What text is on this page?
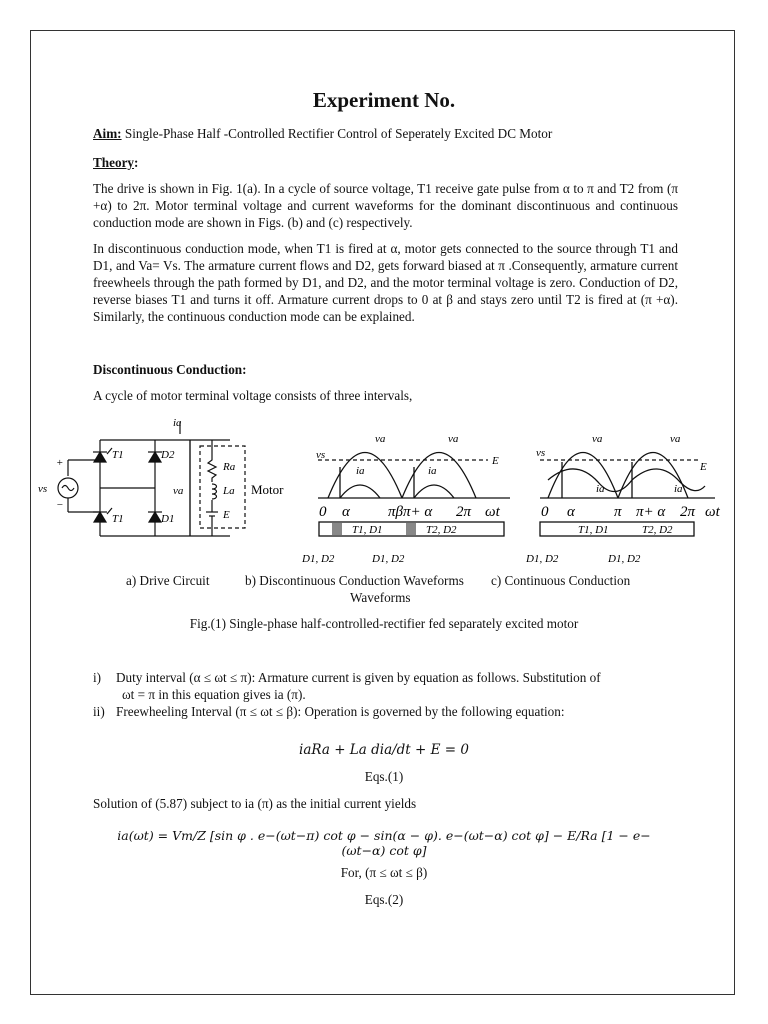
Experiment No.
Aim: Single-Phase Half -Controlled Rectifier Control of Seperately Excited DC Motor
Theory:
The drive is shown in Fig. 1(a). In a cycle of source voltage, T1 receive gate pulse from α to π and T2 from (π +α) to 2π. Motor terminal voltage and current waveforms for the dominant discontinuous and continuous conduction mode are shown in Figs. (b) and (c) respectively.
In discontinuous conduction mode, when T1 is fired at α, motor gets connected to the source through T1 and D1, and Va= Vs. The armature current flows and D2, gets forward biased at π .Consequently, armature current freewheels through the path formed by D1, and D2, and the motor terminal voltage is zero. Conduction of D2, reverse biases T1 and turns it off. Armature current drops to 0 at β and stays zero until T2 is fired at (π +α). Similarly, the continuous conduction mode can be explained.
Discontinuous Conduction:
A cycle of motor terminal voltage consists of three intervals,
ia
T1	D2
T1	D1
Ra
La
E
va
vs
+
−
Motor
vs
va	va
E
ia	ia
0 α	πβπ+ α 2π ωt
T1, D1	T2, D2
D1, D2	D1, D2
vs
va	va
E
ia	ia
0 α	π π+ α 2π ωt
T1, D1	T2, D2
D1, D2	D1, D2
a) Drive Circuit	b) Discontinuous Conduction Waveforms c) Continuous Conduction
Waveforms
Fig.(1) Single-phase half-controlled-rectifier fed separately excited motor
i) Duty interval (α ≤ ωt ≤ π): Armature current is given by equation as follows. Substitution of
ωt = π in this equation gives ia (π).
ii) Freewheeling Interval (π ≤ ωt ≤ β): Operation is governed by the following equation:
iaRa + La dia/dt + E = 0
Eqs.(1)
Solution of (5.87) subject to ia (π) as the initial current yields
ia(ωt) = Vm/Z [sin φ . e−(ωt−π) cot φ − sin(α − φ). e−(ωt−α) cot φ] − E/Ra [1 − e−(ωt−α) cot φ]
For, (π ≤ ωt ≤ β)
Eqs.(2)
